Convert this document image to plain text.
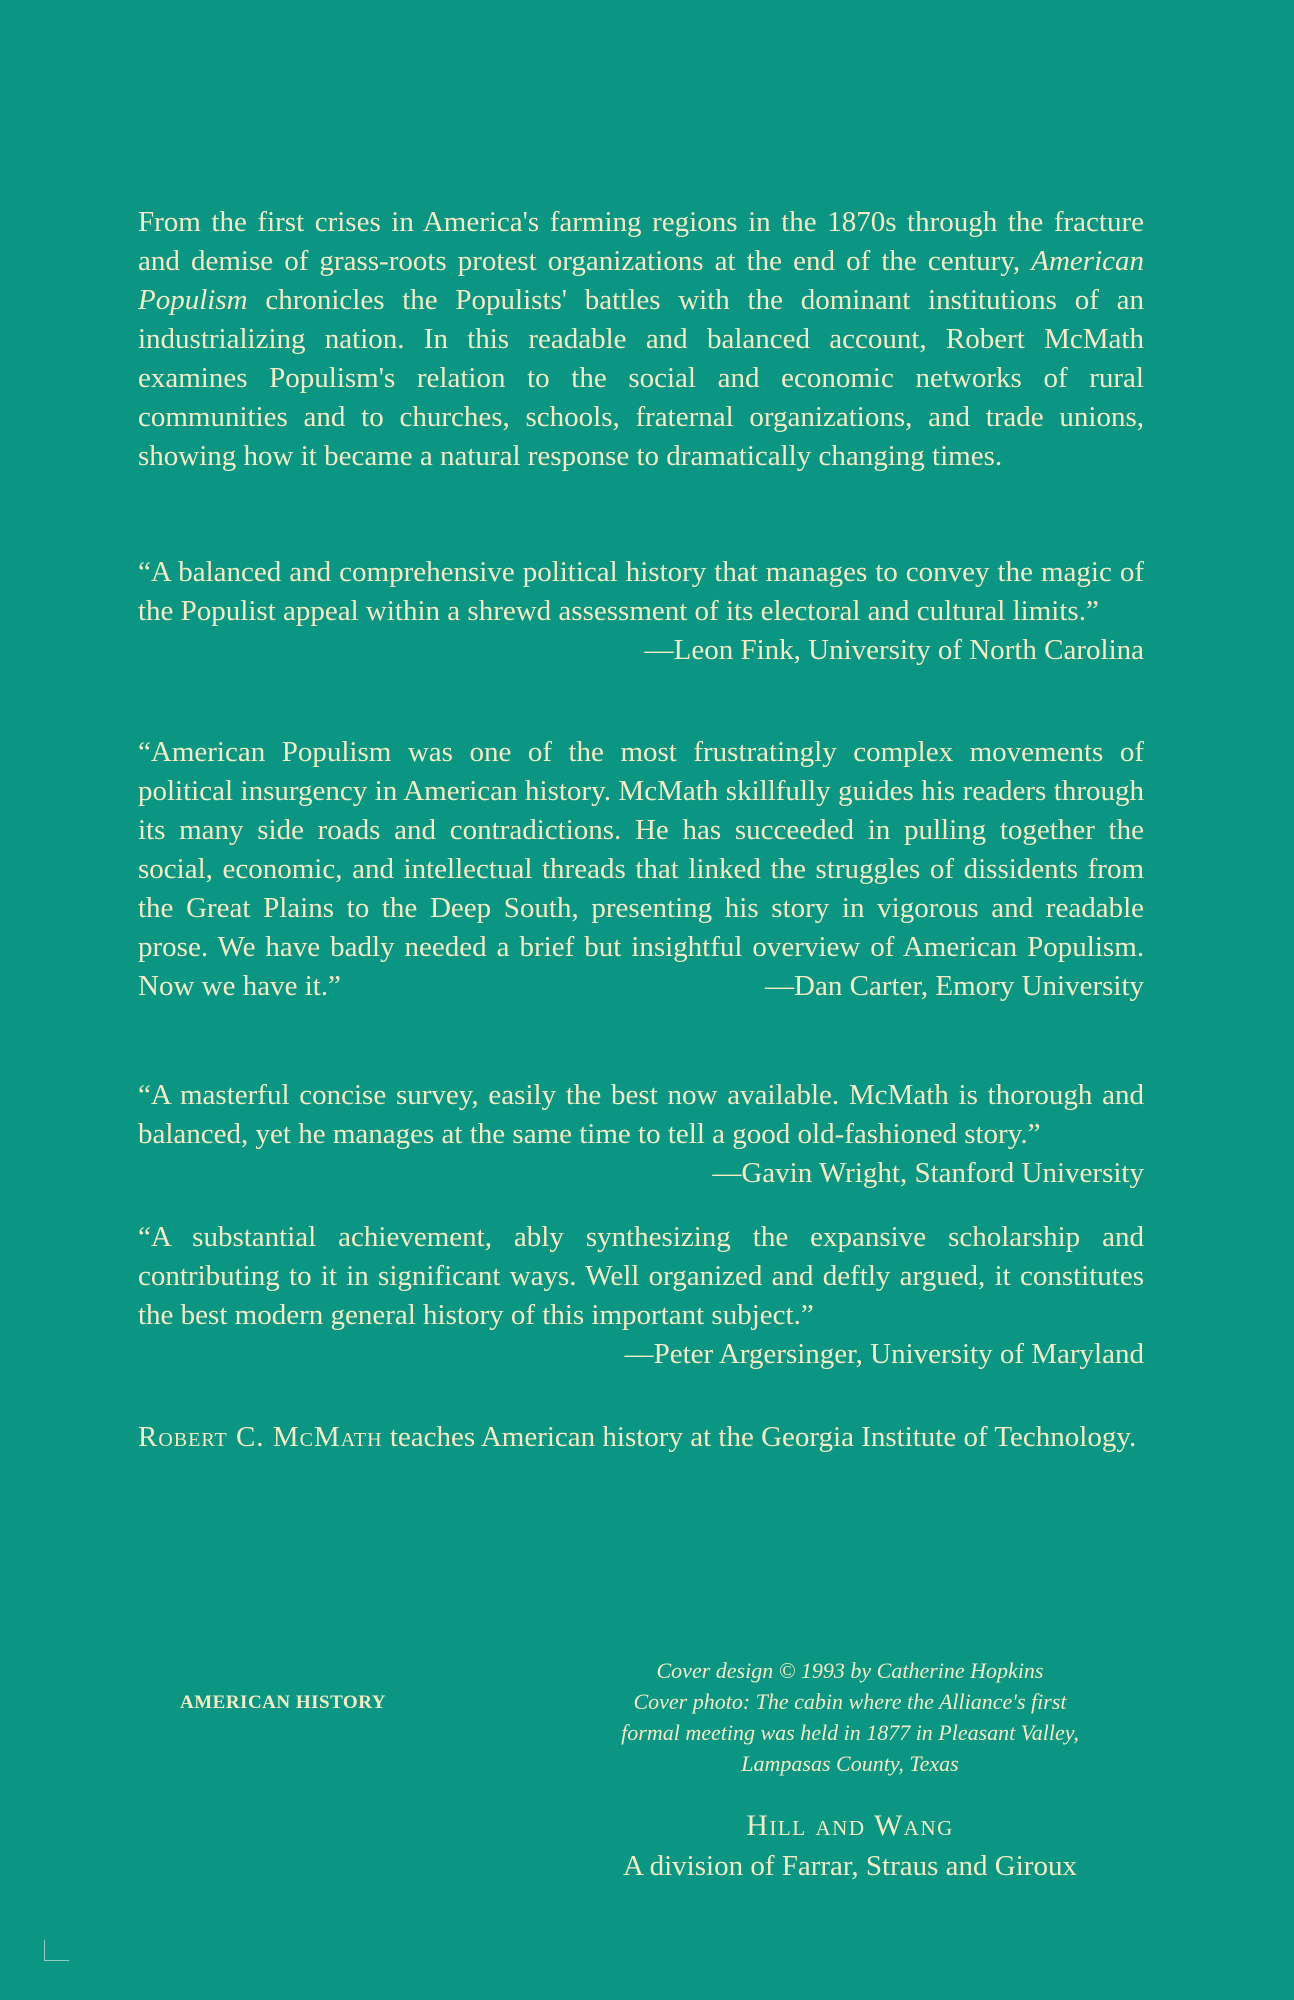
From the first crises in America's farming regions in the 1870s through the fracture and demise of grass-roots protest organizations at the end of the century, American Populism chronicles the Populists' battles with the dominant institutions of an industrializing nation. In this readable and balanced account, Robert McMath examines Populism's relation to the social and economic networks of rural communities and to churches, schools, fraternal organizations, and trade unions, showing how it became a natural response to dramatically changing times.
“A balanced and comprehensive political history that manages to convey the magic of the Populist appeal within a shrewd assessment of its electoral and cultural limits.”
—Leon Fink, University of North Carolina
“American Populism was one of the most frustratingly complex movements of political insurgency in American history. McMath skillfully guides his readers through its many side roads and contradictions. He has succeeded in pulling together the social, economic, and intellectual threads that linked the struggles of dissidents from the Great Plains to the Deep South, presenting his story in vigorous and readable prose. We have badly needed a brief but insightful overview of American Populism. Now we have it.”	—Dan Carter, Emory University
“A masterful concise survey, easily the best now available. McMath is thorough and balanced, yet he manages at the same time to tell a good old-fashioned story.”
—Gavin Wright, Stanford University
“A substantial achievement, ably synthesizing the expansive scholarship and contributing to it in significant ways. Well organized and deftly argued, it constitutes the best modern general history of this important subject.”
—Peter Argersinger, University of Maryland
Robert C. McMath teaches American history at the Georgia Institute of Technology.
AMERICAN HISTORY
Cover design © 1993 by Catherine Hopkins
Cover photo: The cabin where the Alliance's first
formal meeting was held in 1877 in Pleasant Valley,
Lampasas County, Texas
Hill and Wang
A division of Farrar, Straus and Giroux
